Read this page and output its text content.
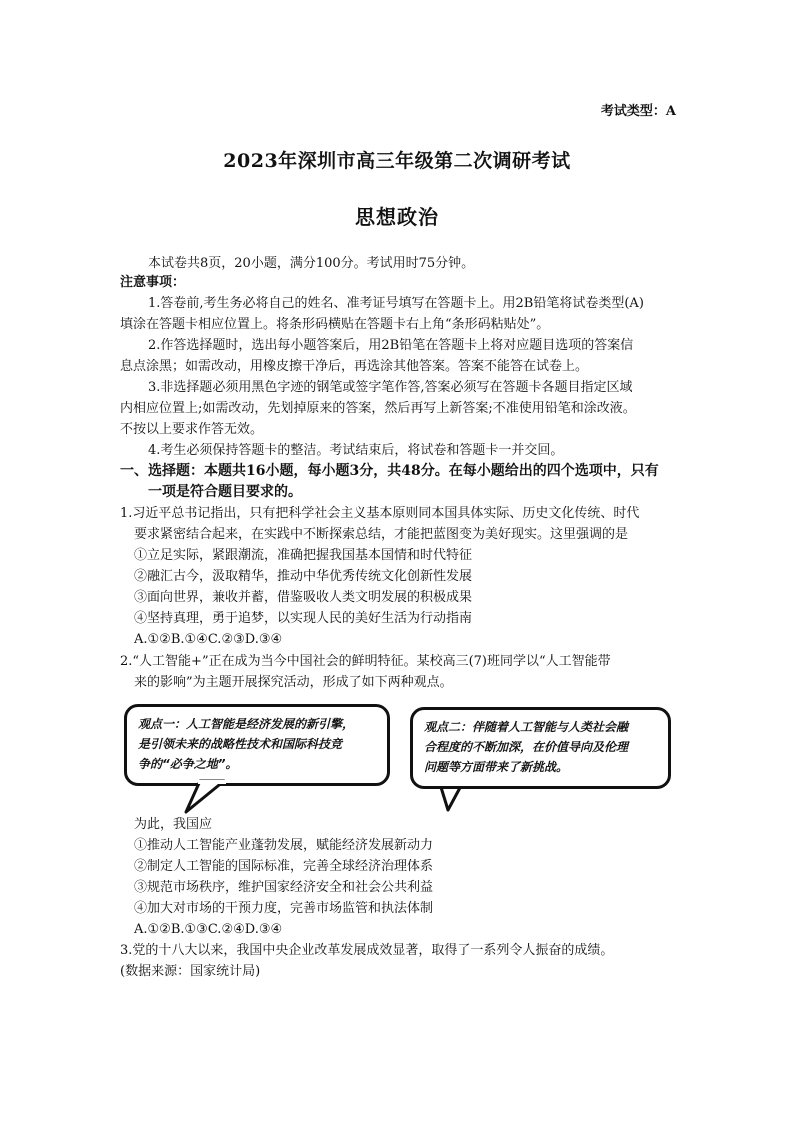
考试类型：A
2023年深圳市高三年级第二次调研考试
思想政治
本试卷共8页，20小题，满分100分。考试用时75分钟。
注意事项：
1.答卷前,考生务必将自己的姓名、准考证号填写在答题卡上。用2B铅笔将试卷类型(A)
填涂在答题卡相应位置上。将条形码横贴在答题卡右上角“条形码粘贴处”。
2.作答选择题时，选出每小题答案后，用2B铅笔在答题卡上将对应题目选项的答案信
息点涂黑；如需改动，用橡皮擦干净后，再选涂其他答案。答案不能答在试卷上。
3.非选择题必须用黑色字迹的钢笔或签字笔作答,答案必须写在答题卡各题目指定区域
内相应位置上;如需改动，先划掉原来的答案，然后再写上新答案;不准使用铅笔和涂改液。
不按以上要求作答无效。
4.考生必须保持答题卡的整洁。考试结束后，将试卷和答题卡一并交回。
一、选择题：本题共16小题，每小题3分，共48分。在每小题给出的四个选项中，只有
一项是符合题目要求的。
1.习近平总书记指出，只有把科学社会主义基本原则同本国具体实际、历史文化传统、时代
要求紧密结合起来，在实践中不断探索总结，才能把蓝图变为美好现实。这里强调的是
①立足实际，紧跟潮流，准确把握我国基本国情和时代特征
②融汇古今，汲取精华，推动中华优秀传统文化创新性发展
③面向世界，兼收并蓄，借鉴吸收人类文明发展的积极成果
④坚持真理，勇于追梦，以实现人民的美好生活为行动指南
A.①②B.①④C.②③D.③④
2.“人工智能+”正在成为当今中国社会的鲜明特征。某校高三(7)班同学以“人工智能带
来的影响”为主题开展探究活动，形成了如下两种观点。
观点一：人工智能是经济发展的新引擎，
是引领未来的战略性技术和国际科技竞
争的“必争之地”。
观点二：伴随着人工智能与人类社会融
合程度的不断加深，在价值导向及伦理
问题等方面带来了新挑战。
为此，我国应
①推动人工智能产业蓬勃发展，赋能经济发展新动力
②制定人工智能的国际标准，完善全球经济治理体系
③规范市场秩序，维护国家经济安全和社会公共利益
④加大对市场的干预力度，完善市场监管和执法体制
A.①②B.①③C.②④D.③④
3.党的十八大以来，我国中央企业改革发展成效显著，取得了一系列令人振奋的成绩。
(数据来源：国家统计局)
